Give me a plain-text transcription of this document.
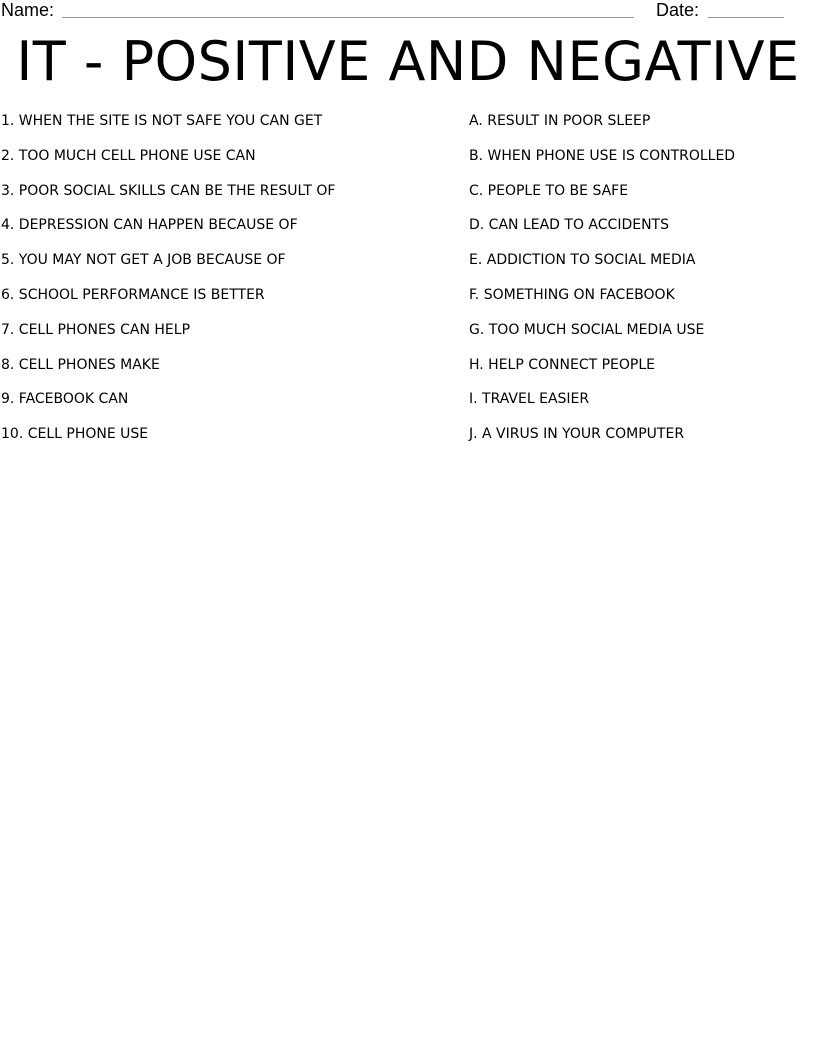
Name:	Date:
IT - POSITIVE AND NEGATIVE
1. WHEN THE SITE IS NOT SAFE YOU CAN GET
2. TOO MUCH CELL PHONE USE CAN
3. POOR SOCIAL SKILLS CAN BE THE RESULT OF
4. DEPRESSION CAN HAPPEN BECAUSE OF
5. YOU MAY NOT GET A JOB BECAUSE OF
6. SCHOOL PERFORMANCE IS BETTER
7. CELL PHONES CAN HELP
8. CELL PHONES MAKE
9. FACEBOOK CAN
10. CELL PHONE USE
A. RESULT IN POOR SLEEP
B. WHEN PHONE USE IS CONTROLLED
C. PEOPLE TO BE SAFE
D. CAN LEAD TO ACCIDENTS
E. ADDICTION TO SOCIAL MEDIA
F. SOMETHING ON FACEBOOK
G. TOO MUCH SOCIAL MEDIA USE
H. HELP CONNECT PEOPLE
I. TRAVEL EASIER
J. A VIRUS IN YOUR COMPUTER
